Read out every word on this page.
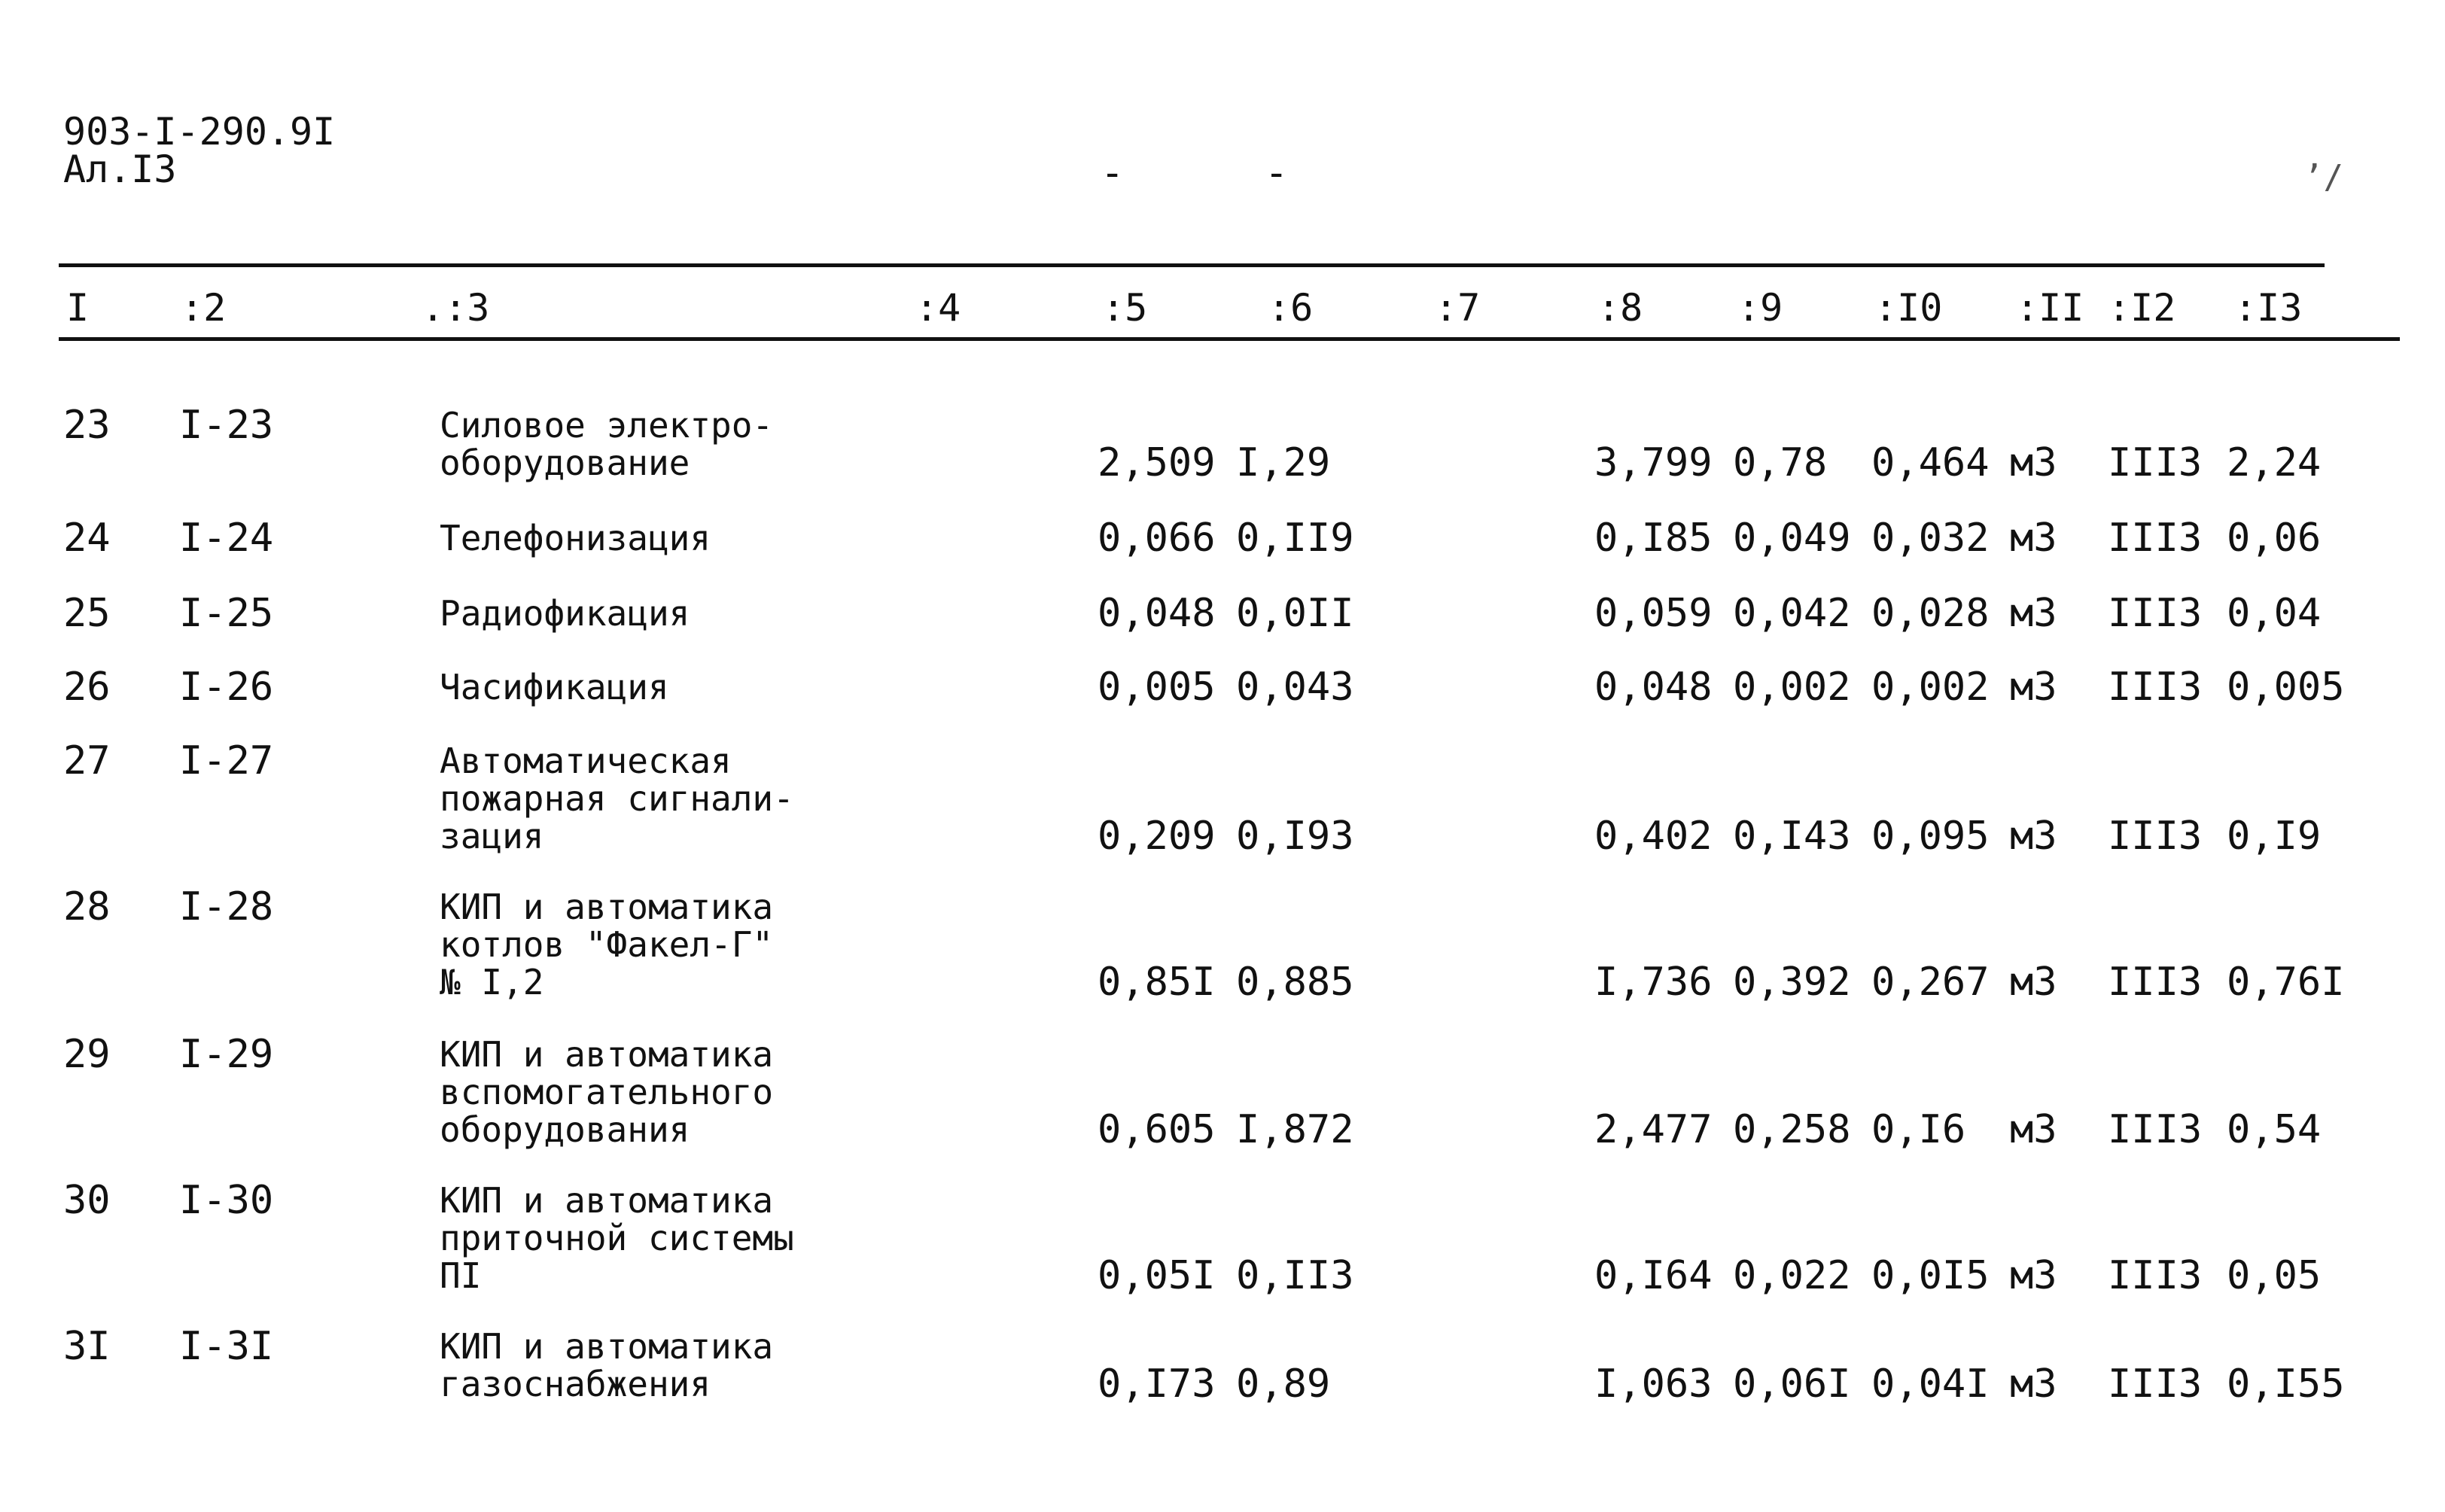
903-I-290.9I
Ал.I3	-	-	ʼ/
I :2	.:3	:4	:5	:6	:7	:8	:9 :I0 :II :I2 :I3
23 I-23	Силовое электро-
оборудование	2,509 I,29	3,799 0,78 0,464 м3 III3 2,24
24 I-24	Телефонизация	0,066 0,II9	0,I85 0,049 0,032 м3 III3 0,06
25 I-25	Радиофикация	0,048 0,0II	0,059 0,042 0,028 м3 III3 0,04
26 I-26	Часификация	0,005 0,043	0,048 0,002 0,002 м3 III3 0,005
27 I-27	Автоматическая
пожарная сигнали-
зация	0,209 0,I93	0,402 0,I43 0,095 м3 III3 0,I9
28 I-28	КИП и автоматика
котлов "Факел-Г"
№ I,2	0,85I 0,885	I,736 0,392 0,267 м3 III3 0,76I
29 I-29	КИП и автоматика
вспомогательного
оборудования	0,605 I,872	2,477 0,258 0,I6 м3 III3 0,54
30 I-30	КИП и автоматика
приточной системы
ПI	0,05I 0,II3	0,I64 0,022 0,0I5 м3 III3 0,05
3I I-3I	КИП и автоматика
газоснабжения	0,I73 0,89	I,063 0,06I 0,04I м3 III3 0,I55
